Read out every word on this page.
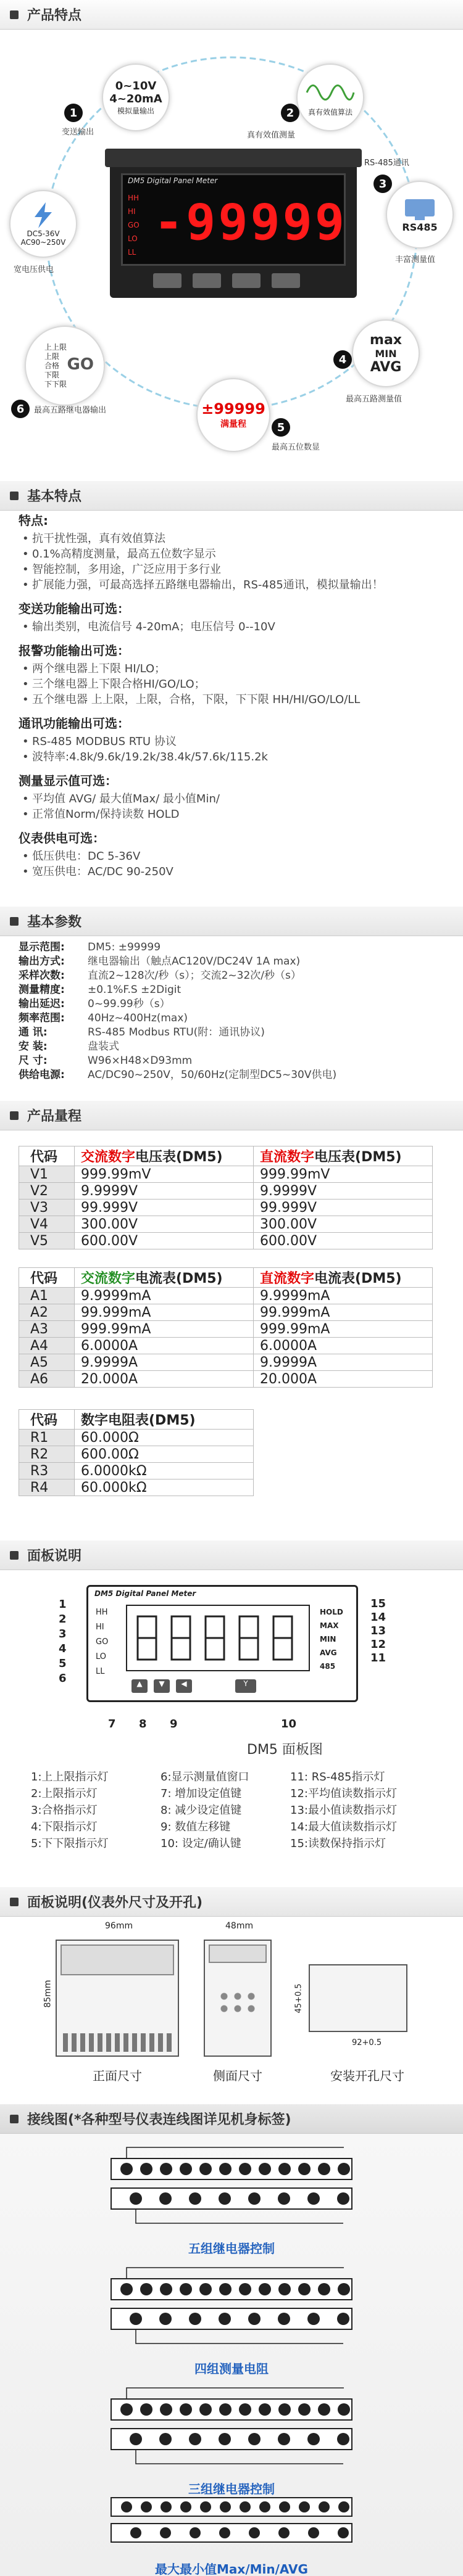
产品特点
DM5 Digital Panel Meter
HH
HI
GO
LO
LL
-99999
0~10V
4~20mA
模拟量输出
1
变送输出
真有效值算法
2
真有效值测量
RS485
3
RS-485通讯
丰富测量值
max
MIN
AVG
4
最高五路测量值
±99999
满量程	5
最高五位数显
上上限
上限
合格
下限
下下限
GO
6	最高五路继电器输出
DC5-36V
AC90~250V
宽电压供电
基本特点
特点:
• 抗干扰性强，真有效值算法
• 0.1%高精度测量，最高五位数字显示
• 智能控制，多用途，广泛应用于多行业
• 扩展能力强，可最高选择五路继电器输出，RS-485通讯，模拟量输出！
变送功能输出可选：
• 输出类别，电流信号 4-20mA；电压信号 0--10V
报警功能输出可选：
• 两个继电器上下限 HI/LO；
• 三个继电器上下限合格HI/GO/LO；
• 五个继电器 上上限，上限，合格，下限，下下限 HH/HI/GO/LO/LL
通讯功能输出可选：
• RS-485 MODBUS RTU 协议
• 波特率:4.8k/9.6k/19.2k/38.4k/57.6k/115.2k
测量显示值可选：
• 平均值 AVG/ 最大值Max/ 最小值Min/
• 正常值Norm/保持读数 HOLD
仪表供电可选：
• 低压供电：DC 5-36V
• 宽压供电：AC/DC 90-250V
基本参数
显示范围:	DM5: ±99999
输出方式:	继电器输出（触点AC120V/DC24V 1A max)
采样次数:	直流2~128次/秒（s）；交流2~32次/秒（s）
测量精度:	±0.1%F.S ±2Digit
输出延迟:	0~99.99秒（s）
频率范围:	40Hz~400Hz(max)
通 讯:	RS-485 Modbus RTU(附：通讯协议)
安 装:	盘装式
尺 寸:	W96×H48×D93mm
供给电源:	AC/DC90~250V，50/60Hz(定制型DC5~30V供电)
产品量程
代码	交流数字电压表(DM5)	直流数字电压表(DM5)
V1	999.99mV	999.99mV
V2	9.9999V	9.9999V
V3	99.999V	99.999V
V4	300.00V	300.00V
V5	600.00V	600.00V
代码	交流数字电流表(DM5)	直流数字电流表(DM5)
A1	9.9999mA	9.9999mA
A2	99.999mA	99.999mA
A3	999.99mA	999.99mA
A4	6.0000A	6.0000A
A5	9.9999A	9.9999A
A6	20.000A	20.000A
代码	数字电阻表(DM5)
R1	60.000Ω
R2	600.00Ω
R3	6.0000kΩ
R4	60.000kΩ
面板说明
DM5 Digital Panel Meter
HH
HI
GO
LO
LL
HOLD
MAX
MIN
AVG
485
▲	▼	◀	Y
1
2
3
4
5
6
15
14
13
12
11
7	8	9	10
DM5 面板图
1:上上限指示灯
2:上限指示灯
3:合格指示灯
4:下限指示灯
5:下下限指示灯
6:显示测量值窗口
7: 增加设定值键
8: 减少设定值键
9: 数值左移键
10: 设定/确认键
11: RS-485指示灯
12:平均值读数指示灯
13:最小值读数指示灯
14:最大值读数指示灯
15:读数保持指示灯
面板说明(仪表外尺寸及开孔)
96mm
85mm
正面尺寸
48mm
侧面尺寸
45+0.5
92+0.5
安装开孔尺寸
接线图(*各种型号仪表连线图详见机身标签)
五组继电器控制
四组测量电阻
三组继电器控制
最大最小值Max/Min/AVG
